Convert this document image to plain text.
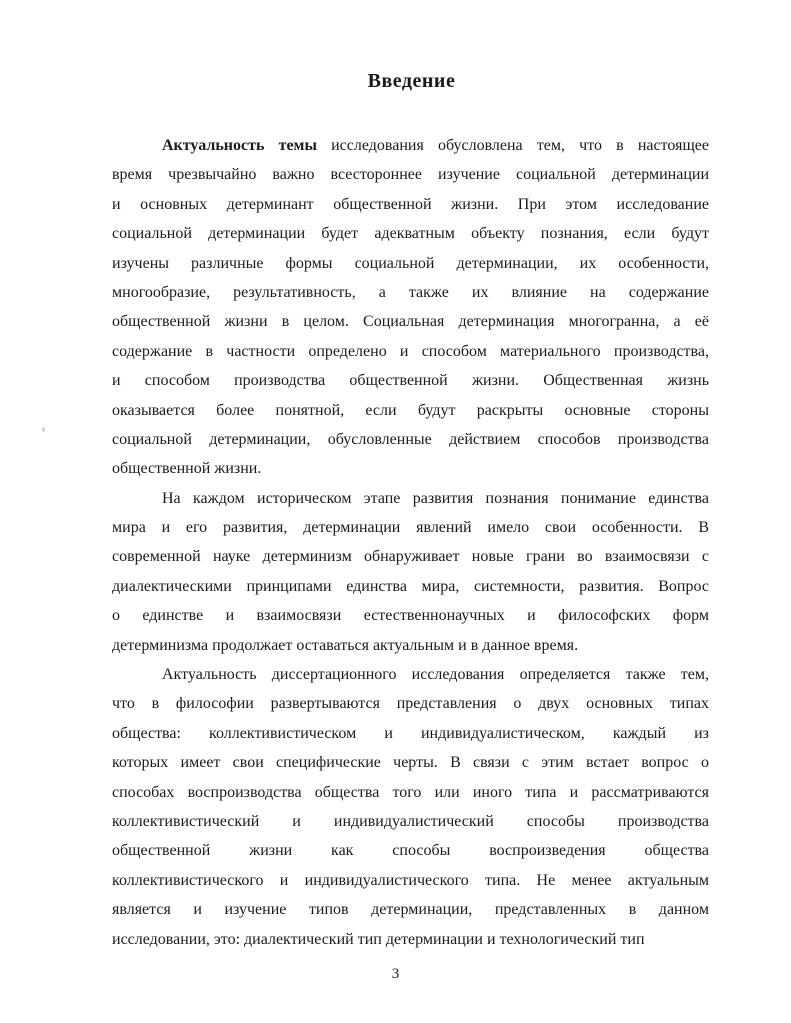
Введение
Актуальность темы исследования обусловлена тем, что в настоящее
время чрезвычайно важно всестороннее изучение социальной детерминации
и основных детерминант общественной жизни. При этом исследование
социальной детерминации будет адекватным объекту познания, если будут
изучены различные формы социальной детерминации, их особенности,
многообразие, результативность, а также их влияние на содержание
общественной жизни в целом. Социальная детерминация многогранна, а её
содержание в частности определено и способом материального производства,
и способом производства общественной жизни. Общественная жизнь
оказывается более понятной, если будут раскрыты основные стороны
социальной детерминации, обусловленные действием способов производства
общественной жизни.
На каждом историческом этапе развития познания понимание единства
мира и его развития, детерминации явлений имело свои особенности. В
современной науке детерминизм обнаруживает новые грани во взаимосвязи с
диалектическими принципами единства мира, системности, развития. Вопрос
о единстве и взаимосвязи естественнонаучных и философских форм
детерминизма продолжает оставаться актуальным и в данное время.
Актуальность диссертационного исследования определяется также тем,
что в философии развертываются представления о двух основных типах
общества: коллективистическом и индивидуалистическом, каждый из
которых имеет свои специфические черты. В связи с этим встает вопрос о
способах воспроизводства общества того или иного типа и рассматриваются
коллективистический и индивидуалистический способы производства
общественной жизни как способы воспроизведения общества
коллективистического и индивидуалистического типа. Не менее актуальным
является и изучение типов детерминации, представленных в данном
исследовании, это: диалектический тип детерминации и технологический тип
3
